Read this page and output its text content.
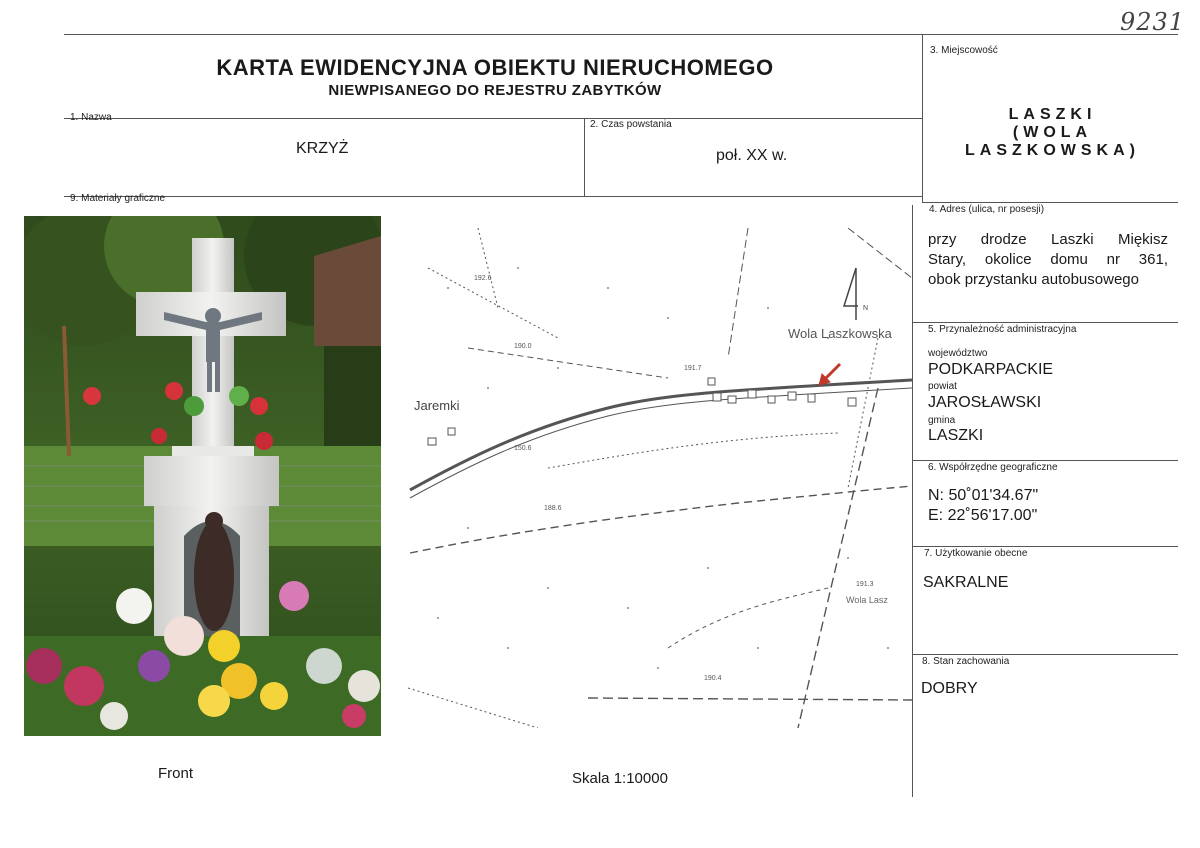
9231
KARTA EWIDENCYJNA OBIEKTU NIERUCHOMEGO
NIEWPISANEGO DO REJESTRU ZABYTKÓW
1. Nazwa
KRZYŻ
2. Czas powstania
poł. XX w.
3. Miejscowość
LASZKI
(WOLA
LASZKOWSKA)
4. Adres (ulica, nr posesji)
przy drodze Laszki Miękisz
Stary, okolice domu nr 361,
obok przystanku autobusowego
5. Przynależność administracyjna
województwo
PODKARPACKIE
powiat
JAROSŁAWSKI
gmina
LASZKI
6. Współrzędne geograficzne
N: 50˚01'34.67"
E: 22˚56'17.00"
7. Użytkowanie obecne
SAKRALNE
8. Stan zachowania
DOBRY
9. Materiały graficzne
N
Wola Laszkowska
Jaremki
Wola Lasz
192.6
190.0
191.7
188.6
150.6
190.4
191.3
Front	Skala 1:10000
